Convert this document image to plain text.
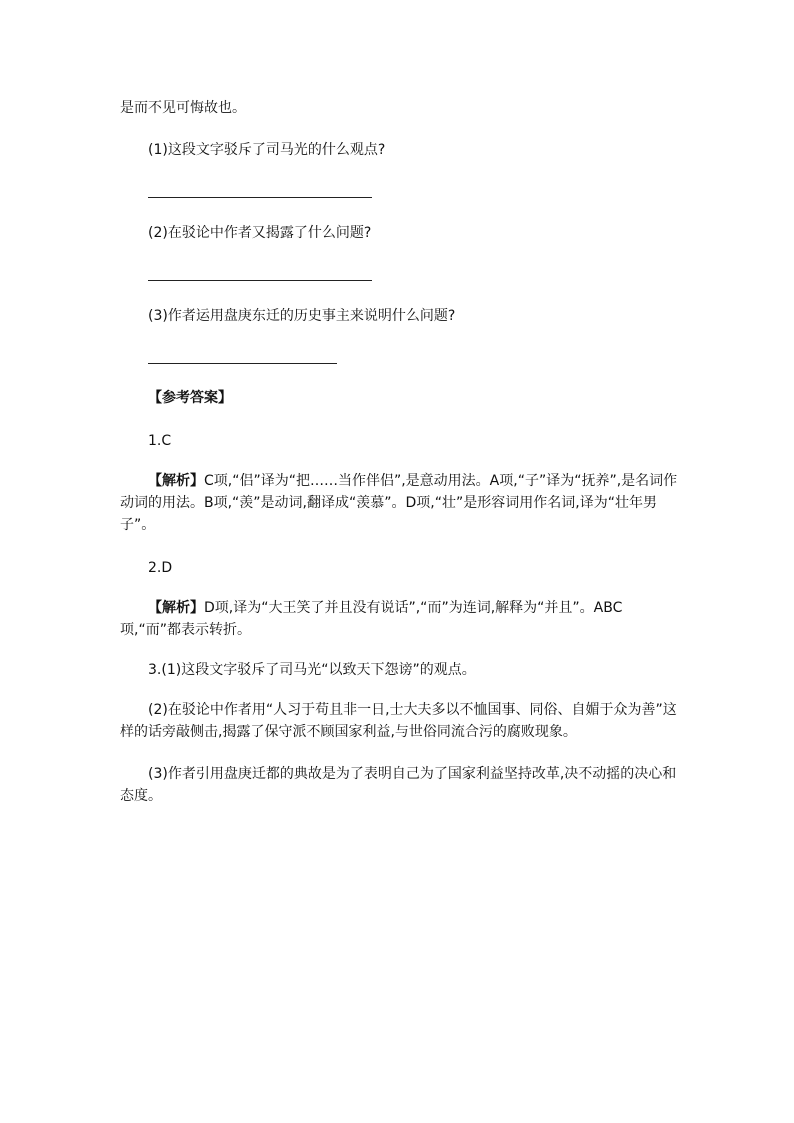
是而不见可悔故也。
(1)这段文字驳斥了司马光的什么观点?
(2)在驳论中作者又揭露了什么问题?
(3)作者运用盘庚东迁的历史事主来说明什么问题?
【参考答案】
1.C
【解析】C项,“侣”译为“把……当作伴侣”,是意动用法。A项,“子”译为“抚养”,是名词作动词的用法。B项,“羡”是动词,翻译成“羡慕”。D项,“壮”是形容词用作名词,译为“壮年男子”。
2.D
【解析】D项,译为“大王笑了并且没有说话”,“而”为连词,解释为“并且”。ABC项,“而”都表示转折。
3.(1)这段文字驳斥了司马光“以致天下怨谤”的观点。
(2)在驳论中作者用“人习于苟且非一日,士大夫多以不恤国事、同俗、自媚于众为善”这样的话旁敲侧击,揭露了保守派不顾国家利益,与世俗同流合污的腐败现象。
(3)作者引用盘庚迁都的典故是为了表明自己为了国家利益坚持改革,决不动摇的决心和态度。
